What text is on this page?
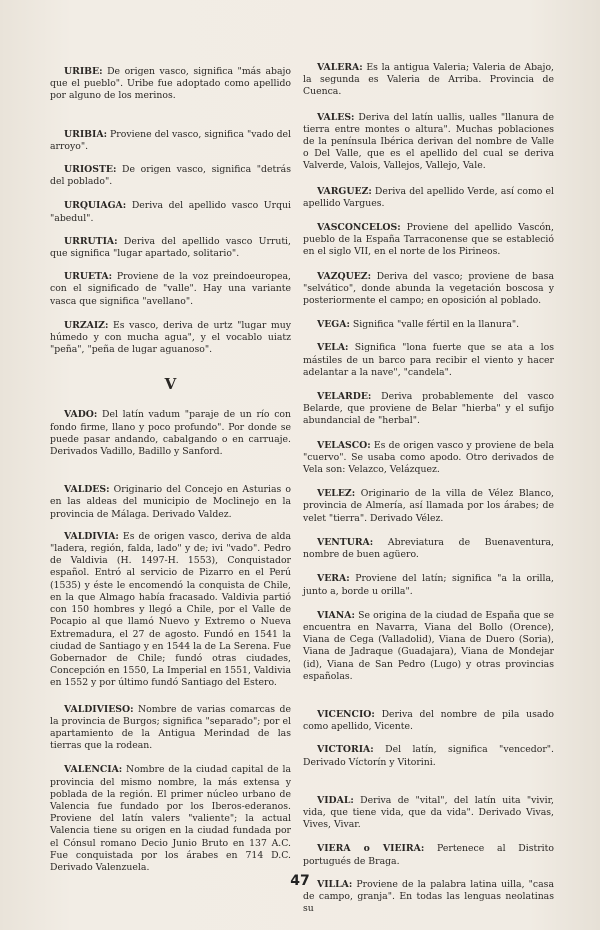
URIBE: De origen vasco, significa "más abajo que el pueblo". Uribe fue adoptado como apellido por alguno de los merinos.

URIBIA: Proviene del vasco, significa "vado del arroyo".

URIOSTE: De origen vasco, significa "detrás del poblado".

URQUIAGA: Deriva del apellido vasco Urqui "abedul".

URRUTIA: Deriva del apellido vasco Urruti, que significa "lugar apartado, solitario".

URUETA: Proviene de la voz preindoeuropea, con el significado de "valle". Hay una variante vasca que significa "avellano".

URZAIZ: Es vasco, deriva de urtz "lugar muy húmedo y con mucha agua", y el vocablo uiatz "peña", "peña de lugar aguanoso".

V

VADO: Del latín vadum "paraje de un río con fondo firme, llano y poco profundo". Por donde se puede pasar andando, cabalgando o en carruaje. Derivados Vadillo, Badillo y Sanford.

VALDES: Originario del Concejo en Asturias o en las aldeas del municipio de Moclinejo en la provincia de Málaga. Derivado Valdez.

VALDIVIA: Es de origen vasco, deriva de alda "ladera, región, falda, lado" y de; ivi "vado". Pedro de Valdivia (H. 1497-H. 1553), Conquistador español. Entró al servicio de Pizarro en el Perú (1535) y éste le encomendó la conquista de Chile, en la que Almago había fracasado. Valdivia partió con 150 hombres y llegó a Chile, por el Valle de Pocapio al que llamó Nuevo y Extremo o Nueva Extremadura, el 27 de agosto. Fundó en 1541 la ciudad de Santiago y en 1544 la de La Serena. Fue Gobernador de Chile; fundó otras ciudades, Concepción en 1550, La Imperial en 1551, Valdivia en 1552 y por último fundó Santiago del Estero.

VALDIVIESO: Nombre de varias comarcas de la provincia de Burgos; significa "separado"; por el apartamiento de la Antigua Merindad de las tierras que la rodean.

VALENCIA: Nombre de la ciudad capital de la provincia del mismo nombre, la más extensa y poblada de la región. El primer núcleo urbano de Valencia fue fundado por los Iberos-ederanos. Proviene del latín valers "valiente"; la actual Valencia tiene su origen en la ciudad fundada por el Cónsul romano Decio Junio Bruto en 137 A.C. Fue conquistada por los árabes en 714 D.C. Derivado Valenzuela.

VALERA: Es la antigua Valeria; Valeria de Abajo, la segunda es Valeria de Arriba. Provincia de Cuenca.

VALES: Deriva del latín uallis, ualles "llanura de tierra entre montes o altura". Muchas poblaciones de la península Ibérica derivan del nombre de Valle o Del Valle, que es el apellido del cual se deriva Valverde, Valois, Vallejos, Vallejo, Vale.

VARGUEZ: Deriva del apellido Verde, así como el apellido Vargues.

VASCONCELOS: Proviene del apellido Vascón, pueblo de la España Tarraconense que se estableció en el siglo VII, en el norte de los Pirineos.

VAZQUEZ: Deriva del vasco; proviene de basa "selvático", donde abunda la vegetación boscosa y posteriormente el campo; en oposición al poblado.

VEGA: Significa "valle fértil en la llanura".

VELA: Significa "lona fuerte que se ata a los mástiles de un barco para recibir el viento y hacer adelantar a la nave", "candela".

VELARDE: Deriva probablemente del vasco Belarde, que proviene de Belar "hierba" y el sufijo abundancial de "herbal".

VELASCO: Es de origen vasco y proviene de bela "cuervo". Se usaba como apodo. Otro derivados de Vela son: Velazco, Velázquez.

VELEZ: Originario de la villa de Vélez Blanco, provincia de Almería, así llamada por los árabes; de velet "tierra". Derivado Vélez.

VENTURA: Abreviatura de Buenaventura, nombre de buen agüero.

VERA: Proviene del latín; significa "a la orilla, junto a, borde u orilla".

VIANA: Se origina de la ciudad de España que se encuentra en Navarra, Viana del Bollo (Orence), Viana de Cega (Valladolid), Viana de Duero (Soria), Viana de Jadraque (Guadajara), Viana de Mondejar (id), Viana de San Pedro (Lugo) y otras provincias españolas.

VICENCIO: Deriva del nombre de pila usado como apellido, Vicente.

VICTORIA: Del latín, significa "vencedor". Derivado Víctorín y Vitorini.

VIDAL: Deriva de "vital", del latín uita "vivir, vida, que tiene vida, que da vida". Derivado Vivas, Vives, Vivar.

VIERA o VIEIRA: Pertenece al Distrito portugués de Braga.

VILLA: Proviene de la palabra latina uilla, "casa de campo, granja". En todas las lenguas neolatinas su

47
